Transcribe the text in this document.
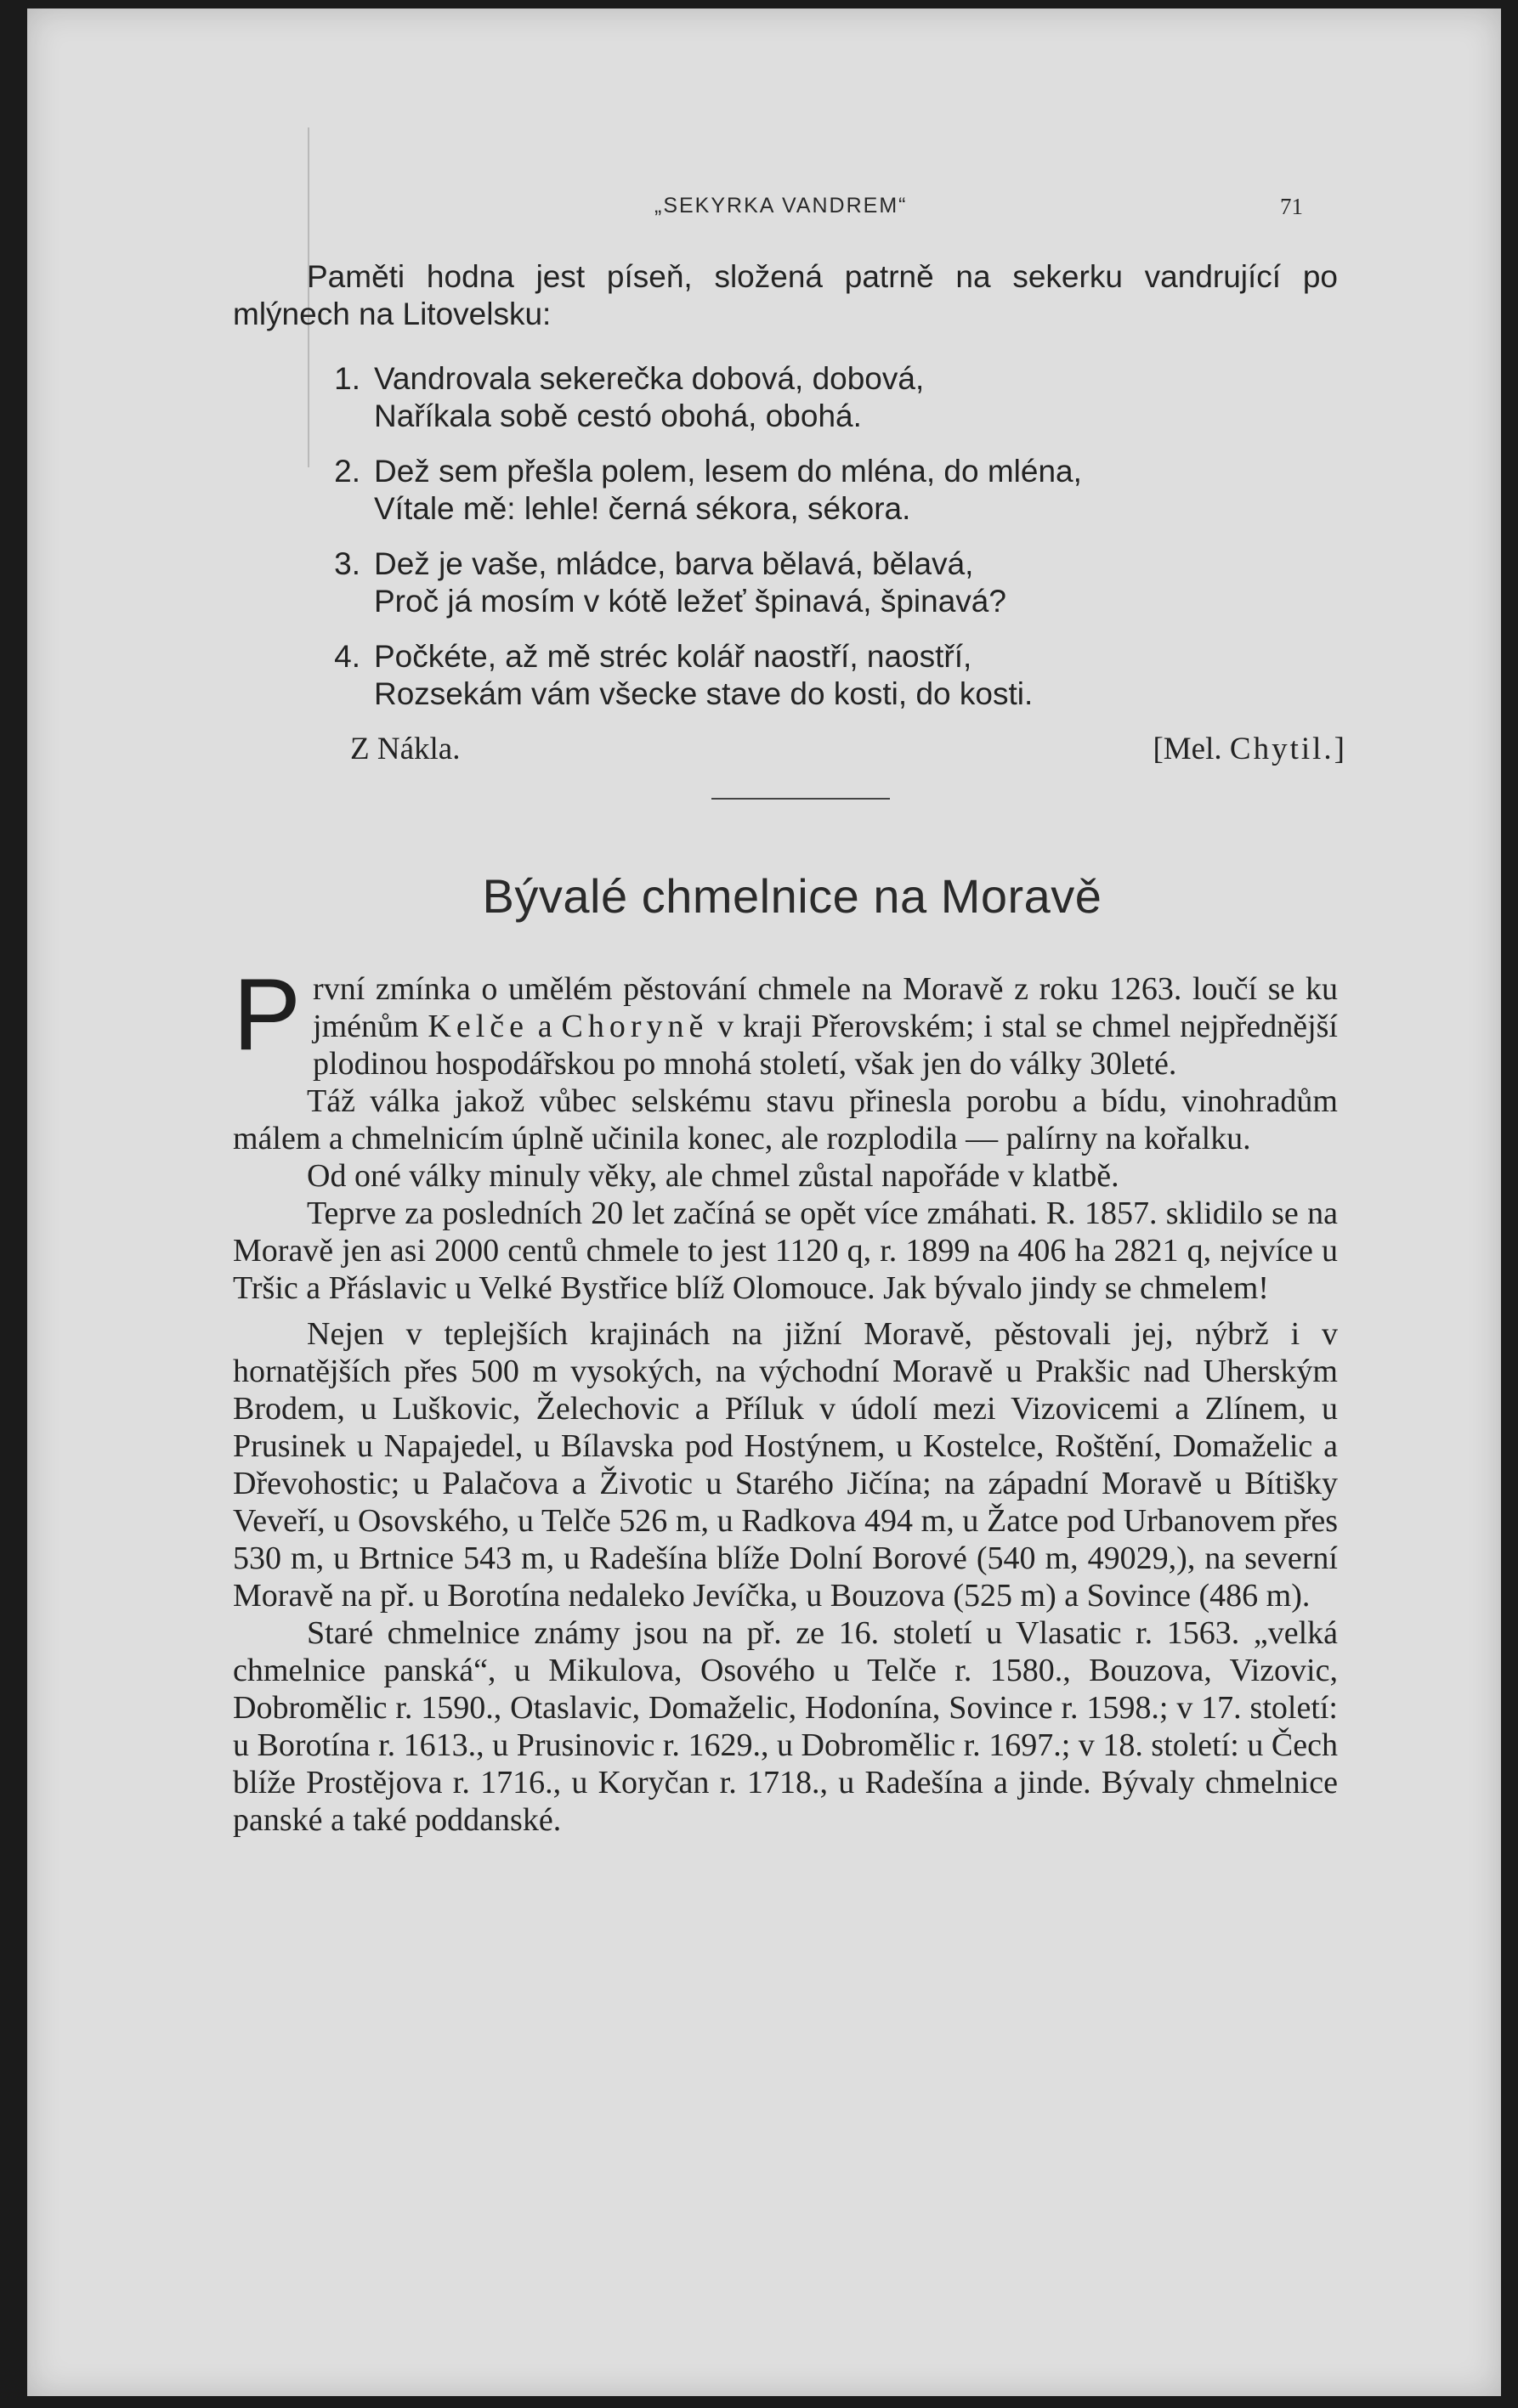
„SEKYRKA VANDREM“	71

Paměti hodna jest píseň, složená patrně na sekerku vandrující po mlýnech na Litovelsku:

1. Vandrovala sekerečka dobová, dobová,
Naříkala sobě cestó obohá, obohá.
2. Dež sem přešla polem, lesem do mléna, do mléna,
Vítale mě: lehle! černá sékora, sékora.
3. Dež je vaše, mládce, barva bělavá, bělavá,
Proč já mosím v kótě ležeť špinavá, špinavá?
4. Počkéte, až mě stréc kolář naostří, naostří,
Rozsekám vám všecke stave do kosti, do kosti.
Z Nákla.	[Mel. Chytil.]
Bývalé chmelnice na Moravě

První zmínka o umělém pěstování chmele na Moravě z roku 1263. loučí se ku jménům Kelče a Choryně v kraji Přerovském; i stal se chmel nejpřednější plodinou hospodářskou po mnohá století, však jen do války 30leté.

Táž válka jakož vůbec selskému stavu přinesla porobu a bídu, vinohradům málem a chmelnicím úplně učinila konec, ale rozplodila — palírny na kořalku.

Od oné války minuly věky, ale chmel zůstal napořáde v klatbě.

Teprve za posledních 20 let začíná se opět více zmáhati. R. 1857. sklidilo se na Moravě jen asi 2000 centů chmele to jest 1120 q, r. 1899 na 406 ha 2821 q, nejvíce u Tršic a Přáslavic u Velké Bystřice blíž Olomouce. Jak bývalo jindy se chmelem!

Nejen v teplejších krajinách na jižní Moravě, pěstovali jej, nýbrž i v hornatějších přes 500 m vysokých, na východní Moravě u Prakšic nad Uherským Brodem, u Luškovic, Želechovic a Příluk v údolí mezi Vizovicemi a Zlínem, u Prusinek u Napajedel, u Bílavska pod Hostýnem, u Kostelce, Roštění, Domaželic a Dřevohostic; u Palačova a Životic u Starého Jičína; na západní Moravě u Bítišky Veveří, u Osovského, u Telče 526 m, u Radkova 494 m, u Žatce pod Urbanovem přes 530 m, u Brtnice 543 m, u Radešína blíže Dolní Borové (540 m, 49029,), na severní Moravě na př. u Borotína nedaleko Jevíčka, u Bouzova (525 m) a Sovince (486 m).

Staré chmelnice známy jsou na př. ze 16. století u Vlasatic r. 1563. „velká chmelnice panská“, u Mikulova, Osového u Telče r. 1580., Bouzova, Vizovic, Dobromělic r. 1590., Otaslavic, Domaželic, Hodonína, Sovince r. 1598.; v 17. století: u Borotína r. 1613., u Prusinovic r. 1629., u Dobromělic r. 1697.; v 18. století: u Čech blíže Prostějova r. 1716., u Koryčan r. 1718., u Radešína a jinde. Bývaly chmelnice panské a také poddanské.
